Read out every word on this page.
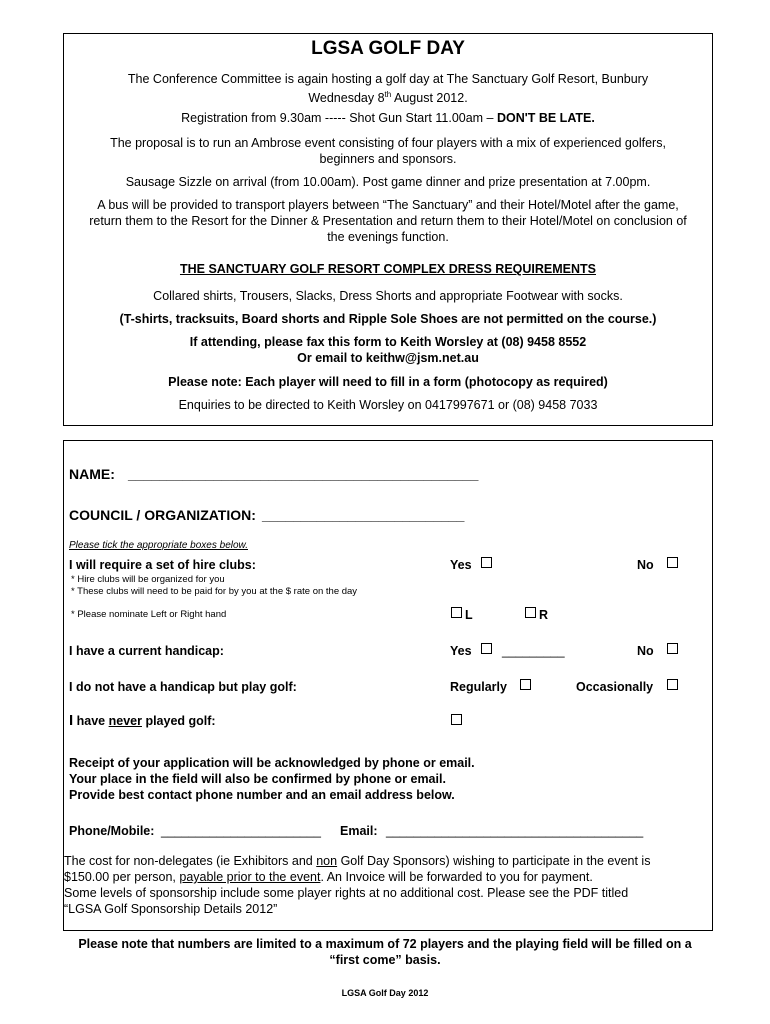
LGSA GOLF DAY
The Conference Committee is again hosting a golf day at The Sanctuary Golf Resort, Bunbury
Wednesday 8th August 2012.
Registration from 9.30am ----- Shot Gun Start 11.00am – DON'T BE LATE.
The proposal is to run an Ambrose event consisting of four players with a mix of experienced golfers,
beginners and sponsors.
Sausage Sizzle on arrival (from 10.00am). Post game dinner and prize presentation at 7.00pm.
A bus will be provided to transport players between “The Sanctuary” and their Hotel/Motel after the game,
return them to the Resort for the Dinner & Presentation and return them to their Hotel/Motel on conclusion of
the evenings function.
THE SANCTUARY GOLF RESORT COMPLEX DRESS REQUIREMENTS
Collared shirts, Trousers, Slacks, Dress Shorts and appropriate Footwear with socks.
(T-shirts, tracksuits, Board shorts and Ripple Sole Shoes are not permitted on the course.)
If attending, please fax this form to Keith Worsley at (08) 9458 8552
Or email to keithw@jsm.net.au
Please note: Each player will need to fill in a form (photocopy as required)
Enquiries to be directed to Keith Worsley on 0417997671 or (08) 9458 7033
NAME: _____________________________________________
COUNCIL / ORGANIZATION: __________________________
Please tick the appropriate boxes below.
I will require a set of hire clubs:	Yes	No
* Hire clubs will be organized for you
* These clubs will need to be paid for by you at the $ rate on the day
* Please nominate Left or Right hand	L	R
I have a current handicap:	Yes _________	No
I do not have a handicap but play golf:	Regularly	Occasionally
I have never played golf:
Receipt of your application will be acknowledged by phone or email.
Your place in the field will also be confirmed by phone or email.
Provide best contact phone number and an email address below.
Phone/Mobile: _______________________ Email: _____________________________________
The cost for non-delegates (ie Exhibitors and non Golf Day Sponsors) wishing to participate in the event is
$150.00 per person, payable prior to the event. An Invoice will be forwarded to you for payment.
Some levels of sponsorship include some player rights at no additional cost. Please see the PDF titled
“LGSA Golf Sponsorship Details 2012”
Please note that numbers are limited to a maximum of 72 players and the playing field will be filled on a
“first come” basis.
LGSA Golf Day 2012
